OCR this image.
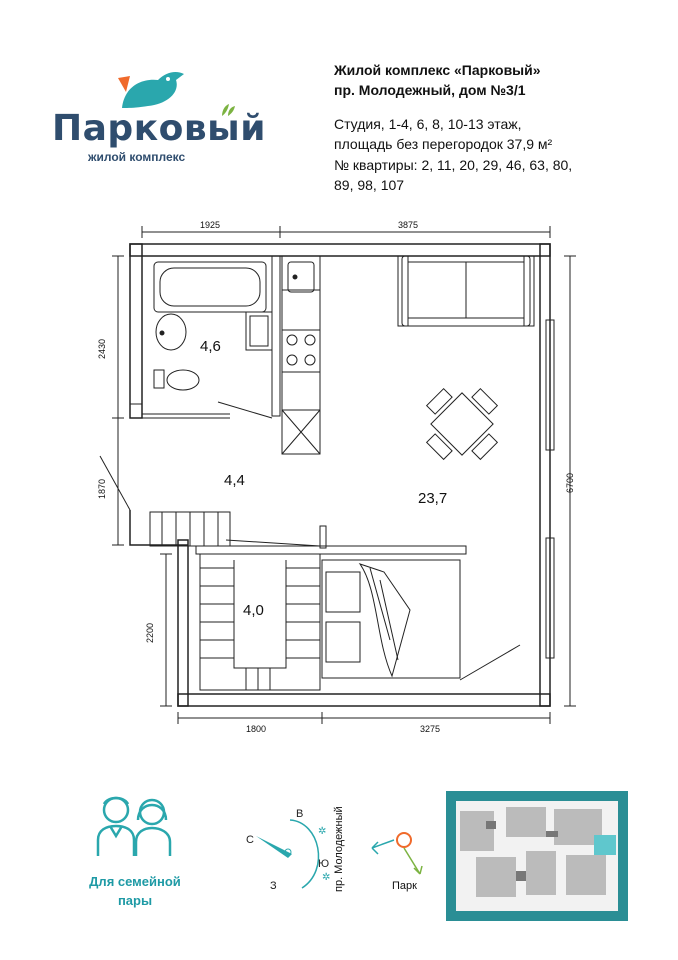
Парковый
жилой комплекс
Жилой комплекс «Парковый»
пр. Молодежный, дом №3/1
Студия, 1-4, 6, 8, 10-13 этаж,
площадь без перегородок 37,9 м²
№ квартиры: 2, 11, 20, 29, 46, 63, 80,
89, 98, 107
1925	3875
1800	3275
2430
1870
2200
6700
4,6
4,4
4,0
23,7
Для семейной
пары
✲
✲
В
С
Ю
З	пр. Молодежный	Парк
